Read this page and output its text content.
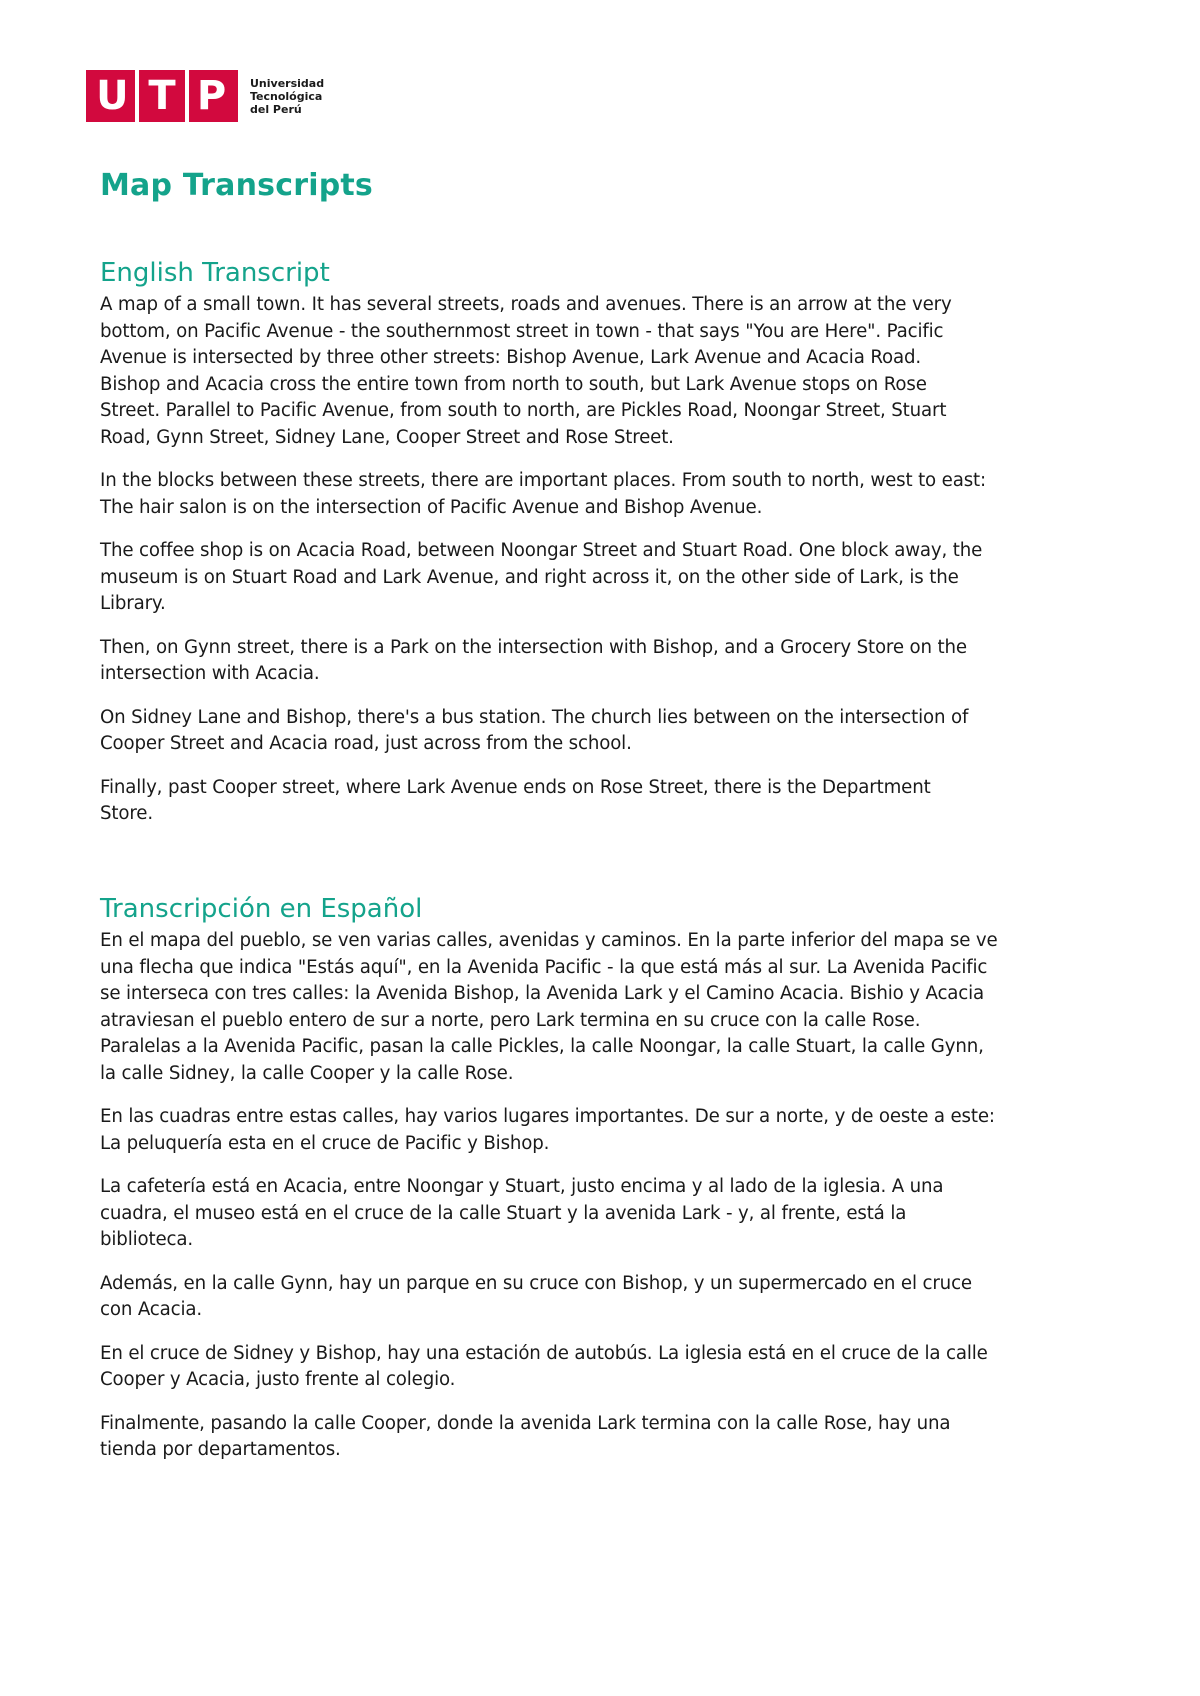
U T P	Universidad
Tecnológica
del Perú
Map Transcripts
English Transcript

A map of a small town. It has several streets, roads and avenues. There is an arrow at the very
bottom, on Pacific Avenue - the southernmost street in town - that says "You are Here". Pacific
Avenue is intersected by three other streets: Bishop Avenue, Lark Avenue and Acacia Road.
Bishop and Acacia cross the entire town from north to south, but Lark Avenue stops on Rose
Street. Parallel to Pacific Avenue, from south to north, are Pickles Road, Noongar Street, Stuart
Road, Gynn Street, Sidney Lane, Cooper Street and Rose Street.

In the blocks between these streets, there are important places. From south to north, west to east:
The hair salon is on the intersection of Pacific Avenue and Bishop Avenue.

The coffee shop is on Acacia Road, between Noongar Street and Stuart Road. One block away, the
museum is on Stuart Road and Lark Avenue, and right across it, on the other side of Lark, is the
Library.

Then, on Gynn street, there is a Park on the intersection with Bishop, and a Grocery Store on the
intersection with Acacia.

On Sidney Lane and Bishop, there's a bus station. The church lies between on the intersection of
Cooper Street and Acacia road, just across from the school.

Finally, past Cooper street, where Lark Avenue ends on Rose Street, there is the Department
Store.

Transcripción en Español

En el mapa del pueblo, se ven varias calles, avenidas y caminos. En la parte inferior del mapa se ve
una flecha que indica "Estás aquí", en la Avenida Pacific - la que está más al sur. La Avenida Pacific
se interseca con tres calles: la Avenida Bishop, la Avenida Lark y el Camino Acacia. Bishio y Acacia
atraviesan el pueblo entero de sur a norte, pero Lark termina en su cruce con la calle Rose.
Paralelas a la Avenida Pacific, pasan la calle Pickles, la calle Noongar, la calle Stuart, la calle Gynn,
la calle Sidney, la calle Cooper y la calle Rose.

En las cuadras entre estas calles, hay varios lugares importantes. De sur a norte, y de oeste a este:
La peluquería esta en el cruce de Pacific y Bishop.

La cafetería está en Acacia, entre Noongar y Stuart, justo encima y al lado de la iglesia. A una
cuadra, el museo está en el cruce de la calle Stuart y la avenida Lark - y, al frente, está la
biblioteca.

Además, en la calle Gynn, hay un parque en su cruce con Bishop, y un supermercado en el cruce
con Acacia.

En el cruce de Sidney y Bishop, hay una estación de autobús. La iglesia está en el cruce de la calle
Cooper y Acacia, justo frente al colegio.

Finalmente, pasando la calle Cooper, donde la avenida Lark termina con la calle Rose, hay una
tienda por departamentos.
